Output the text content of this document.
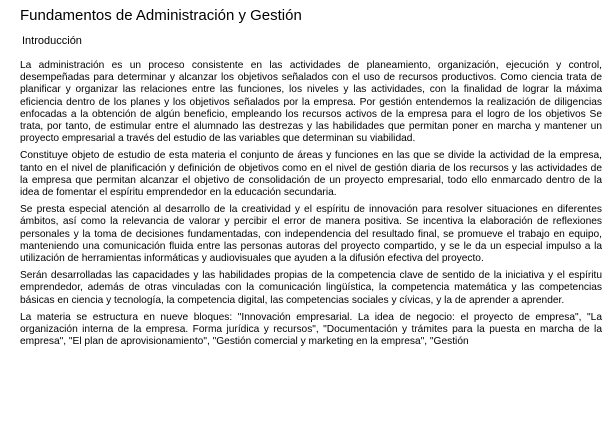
Fundamentos de Administración y Gestión
Introducción

La administración es un proceso consistente en las actividades de planeamiento, organización, ejecución y control, desempeñadas para determinar y alcanzar los objetivos señalados con el uso de recursos productivos. Como ciencia trata de planificar y organizar las relaciones entre las funciones, los niveles y las actividades, con la finalidad de lograr la máxima eficiencia dentro de los planes y los objetivos señalados por la empresa. Por gestión entendemos la realización de diligencias enfocadas a la obtención de algún beneficio, empleando los recursos activos de la empresa para el logro de los objetivos Se trata, por tanto, de estimular entre el alumnado las destrezas y las habilidades que permitan poner en marcha y mantener un proyecto empresarial a través del estudio de las variables que determinan su viabilidad.

Constituye objeto de estudio de esta materia el conjunto de áreas y funciones en las que se divide la actividad de la empresa, tanto en el nivel de planificación y definición de objetivos como en el nivel de gestión diaria de los recursos y las actividades de la empresa que permitan alcanzar el objetivo de consolidación de un proyecto empresarial, todo ello enmarcado dentro de la idea de fomentar el espíritu emprendedor en la educación secundaria.

Se presta especial atención al desarrollo de la creatividad y el espíritu de innovación para resolver situaciones en diferentes ámbitos, así como la relevancia de valorar y percibir el error de manera positiva. Se incentiva la elaboración de reflexiones personales y la toma de decisiones fundamentadas, con independencia del resultado final, se promueve el trabajo en equipo, manteniendo una comunicación fluida entre las personas autoras del proyecto compartido, y se le da un especial impulso a la utilización de herramientas informáticas y audiovisuales que ayuden a la difusión efectiva del proyecto.

Serán desarrolladas las capacidades y las habilidades propias de la competencia clave de sentido de la iniciativa y el espíritu emprendedor, además de otras vinculadas con la comunicación lingüística, la competencia matemática y las competencias básicas en ciencia y tecnología, la competencia digital, las competencias sociales y cívicas, y la de aprender a aprender.

La materia se estructura en nueve bloques: "Innovación empresarial. La idea de negocio: el proyecto de empresa", "La organización interna de la empresa. Forma jurídica y recursos", "Documentación y trámites para la puesta en marcha de la empresa", "El plan de aprovisionamiento", "Gestión comercial y marketing en la empresa", "Gestión
